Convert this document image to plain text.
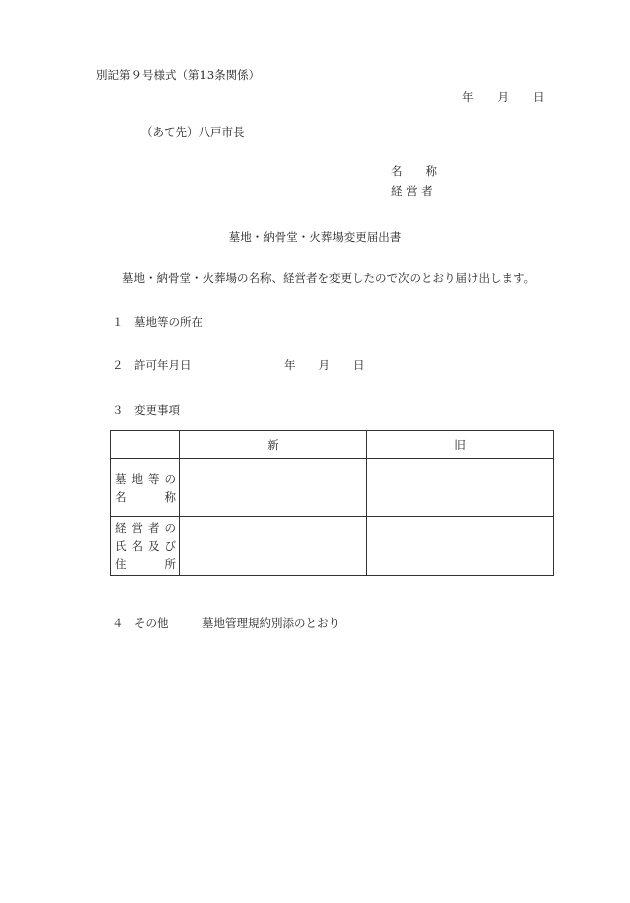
別記第９号様式（第13条関係）
年 月 日
（あて先）八戸市長
名　　称
経 営 者
墓地・納骨堂・火葬場変更届出書
墓地・納骨堂・火葬場の名称、経営者を変更したので次のとおり届け出します。
１ 墓地等の所在
２ 許可年月日	年　　月　　日
３ 変更事項
	新	旧

墓地等の
名　称		

経営者の
氏名及び
住　所		

４ その他	墓地管理規約別添のとおり
